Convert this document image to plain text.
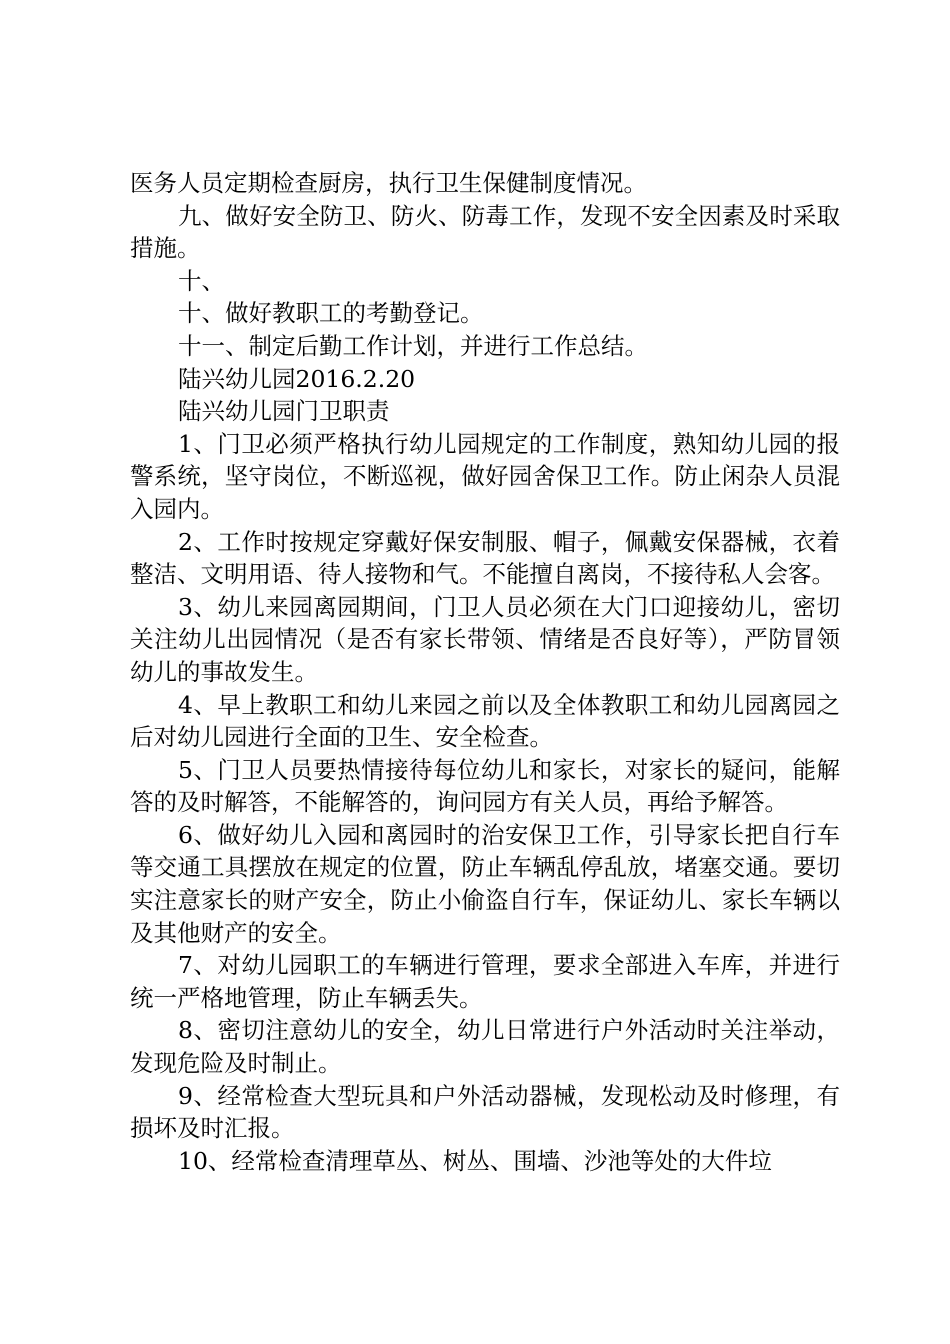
医务人员定期检查厨房，执行卫生保健制度情况。

九、做好安全防卫、防火、防毒工作，发现不安全因素及时采取措施。

十、

十、做好教职工的考勤登记。

十一、制定后勤工作计划，并进行工作总结。

陆兴幼儿园2016.2.20

陆兴幼儿园门卫职责

1、门卫必须严格执行幼儿园规定的工作制度，熟知幼儿园的报警系统，坚守岗位，不断巡视，做好园舍保卫工作。防止闲杂人员混入园内。

2、工作时按规定穿戴好保安制服、帽子，佩戴安保器械，衣着整洁、文明用语、待人接物和气。不能擅自离岗，不接待私人会客。

3、幼儿来园离园期间，门卫人员必须在大门口迎接幼儿，密切关注幼儿出园情况（是否有家长带领、情绪是否良好等），严防冒领幼儿的事故发生。

4、早上教职工和幼儿来园之前以及全体教职工和幼儿园离园之后对幼儿园进行全面的卫生、安全检查。

5、门卫人员要热情接待每位幼儿和家长，对家长的疑问，能解答的及时解答，不能解答的，询问园方有关人员，再给予解答。

6、做好幼儿入园和离园时的治安保卫工作，引导家长把自行车等交通工具摆放在规定的位置，防止车辆乱停乱放，堵塞交通。要切实注意家长的财产安全，防止小偷盗自行车，保证幼儿、家长车辆以及其他财产的安全。

7、对幼儿园职工的车辆进行管理，要求全部进入车库，并进行统一严格地管理，防止车辆丢失。

8、密切注意幼儿的安全，幼儿日常进行户外活动时关注举动，发现危险及时制止。

9、经常检查大型玩具和户外活动器械，发现松动及时修理，有损坏及时汇报。

10、经常检查清理草丛、树丛、围墙、沙池等处的大件垃
